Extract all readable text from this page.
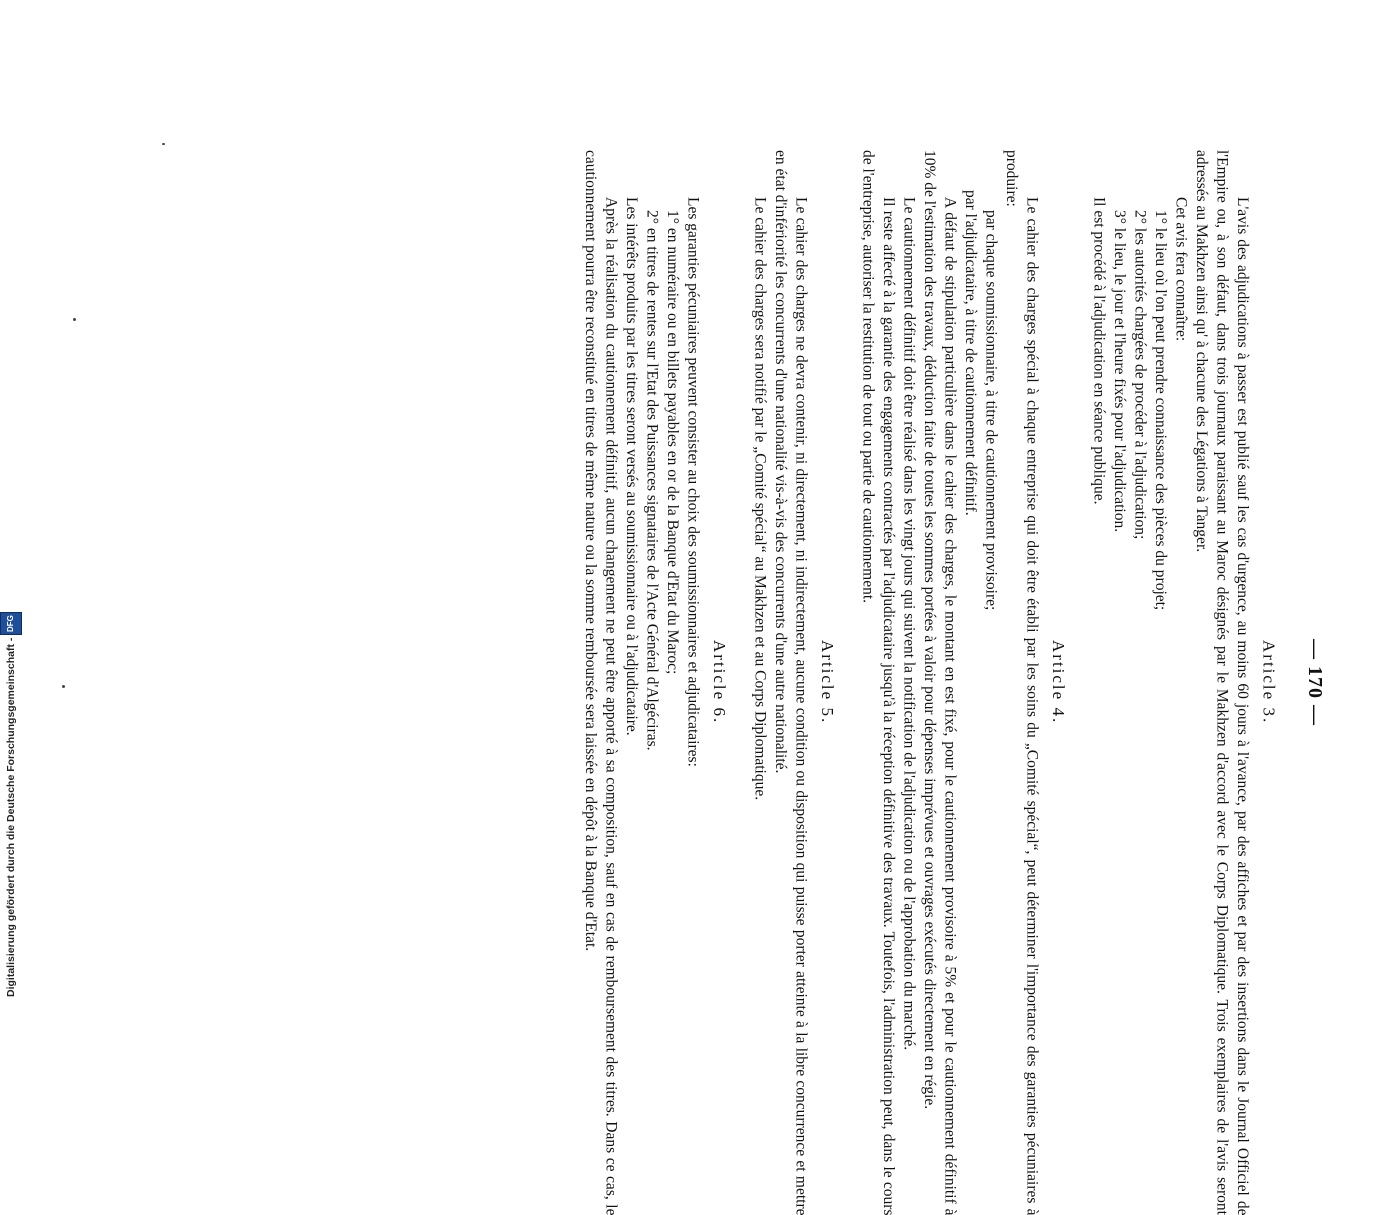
— 170 —
Article 3.

L'avis des adjudications à passer est publié sauf les cas d'urgence, au moins 60 jours à l'avance, par des affiches et par des insertions dans le Journal Officiel de l'Empire ou, à son défaut, dans trois journaux paraissant au Maroc désignés par le Makhzen d'accord avec le Corps Diplomatique. Trois exemplaires de l'avis seront adressés au Makhzen ainsi qu' à chacune des Légations à Tanger.

Cet avis fera connaître:

1° le lieu où l'on peut prendre connaissance des pièces du projet;

2° les autorités chargées de procéder à l'adjudication;

3° le lieu, le jour et l'heure fixés pour l'adjudication.

Il est procédé à l'adjudication en séance publique.

Article 4.

Le cahier des charges spécial à chaque entreprise qui doit être établi par les soins du „Comité spécial“, peut déterminer l'importance des garanties pécuniaires à produire:

par chaque soumissionnaire, à titre de cautionnement provisoire;

par l'adjudicataire, à titre de cautionnement définitif.

A défaut de stipulation particulière dans le cahier des charges, le montant en est fixé, pour le cautionnement provisoire à 5% et pour le cautionnement définitif à 10% de l'estimation des travaux, déduction faite de toutes les sommes portées à valoir pour dépenses imprévues et ouvrages exécutés directement en régie.

Le cautionnement définitif doit être réalisé dans les vingt jours qui suivent la notification de l'adjudication ou de l'approbation du marché.

Il reste affecté à la garantie des engagements contractés par l'adjudicataire jusqu'à la réception définitive des travaux. Toutefois, l'administration peut, dans le cours de l'entreprise, autoriser la restitution de tout ou partie de cautionnement.

Article 5.

Le cahier des charges ne devra contenir, ni directement, ni indirectement, aucune condition ou disposition qui puisse porter atteinte à la libre concurrence et mettre en état d'infériorité les concurrents d'une nationalité vis-à-vis des concurrents d'une autre nationalité.

Le cahier des charges sera notifié par le „Comité spécial“ au Makhzen et au Corps Diplomatique.

Article 6.

Les garanties pécuniaires peuvent consister au choix des soumissionnaires et adjudicataires:

1° en numéraire ou en billets payables en or de la Banque d'Etat du Maroc;

2° en titres de rentes sur l'Etat des Puissances signataires de l'Acte Général d'Algéciras.

Les intérêts produits par les titres seront versés au soumissionnaire ou à l'adjudicataire.

Après la réalisation du cautionnement définitif, aucun changement ne peut être apporté à sa composition, sauf en cas de remboursement des titres. Dans ce cas, le cautionnement pourra être reconstitué en titres de même nature ou la somme remboursée sera laissée en dépôt à la Banque d'Etat.

Digitalisierung gefördert durch die Deutsche Forschungsgemeinschaft - DFG
